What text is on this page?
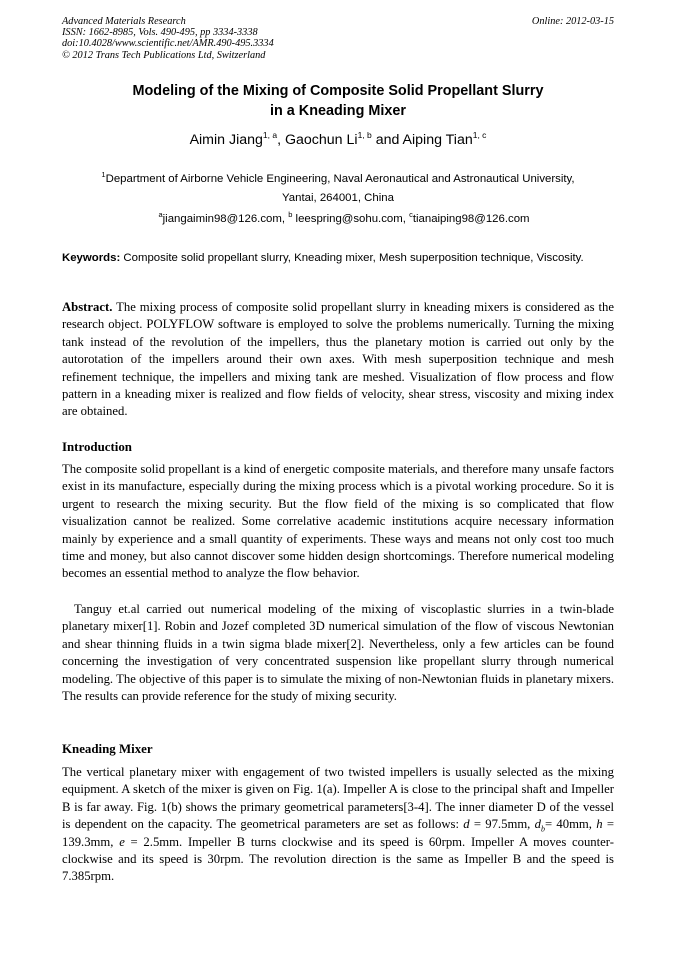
Advanced Materials Research
ISSN: 1662-8985, Vols. 490-495, pp 3334-3338
doi:10.4028/www.scientific.net/AMR.490-495.3334
© 2012 Trans Tech Publications Ltd, Switzerland
Online: 2012-03-15
Modeling of the Mixing of Composite Solid Propellant Slurry
in a Kneading Mixer
Aimin Jiang$^{1, a}$, Gaochun Li$^{1, b}$ and Aiping Tian$^{1, c}$
$^1$Department of Airborne Vehicle Engineering, Naval Aeronautical and Astronautical University,
Yantai, 264001, China
$^a$jiangaimin98@126.com, $^b$ leespring@sohu.com, $^c$tianaiping98@126.com

Keywords: Composite solid propellant slurry, Kneading mixer, Mesh superposition technique, Viscosity.

Abstract. The mixing process of composite solid propellant slurry in kneading mixers is considered as the research object. POLYFLOW software is employed to solve the problems numerically. Turning the mixing tank instead of the revolution of the impellers, thus the planetary motion is carried out only by the autorotation of the impellers around their own axes. With mesh superposition technique and mesh refinement technique, the impellers and mixing tank are meshed. Visualization of flow process and flow pattern in a kneading mixer is realized and flow fields of velocity, shear stress, viscosity and mixing index are obtained.

Introduction

The composite solid propellant is a kind of energetic composite materials, and therefore many unsafe factors exist in its manufacture, especially during the mixing process which is a pivotal working procedure. So it is urgent to research the mixing security. But the flow field of the mixing is so complicated that flow visualization cannot be realized. Some correlative academic institutions acquire necessary information mainly by experience and a small quantity of experiments. These ways and means not only cost too much time and money, but also cannot discover some hidden design shortcomings. Therefore numerical modeling becomes an essential method to analyze the flow behavior.

Tanguy et.al carried out numerical modeling of the mixing of viscoplastic slurries in a twin-blade planetary mixer[1]. Robin and Jozef completed 3D numerical simulation of the flow of viscous Newtonian and shear thinning fluids in a twin sigma blade mixer[2]. Nevertheless, only a few articles can be found concerning the investigation of very concentrated suspension like propellant slurry through numerical modeling. The objective of this paper is to simulate the mixing of non-Newtonian fluids in planetary mixers. The results can provide reference for the study of mixing security.

Kneading Mixer

The vertical planetary mixer with engagement of two twisted impellers is usually selected as the mixing equipment. A sketch of the mixer is given on Fig. 1(a). Impeller A is close to the principal shaft and Impeller B is far away. Fig. 1(b) shows the primary geometrical parameters[3-4]. The inner diameter D of the vessel is dependent on the capacity. The geometrical parameters are set as follows: d = 97.5mm, $d_b= 40mm$, h = 139.3mm, e = 2.5mm. Impeller B turns clockwise and its speed is 60rpm. Impeller A moves counter-clockwise and its speed is 30rpm. The revolution direction is the same as Impeller B and the speed is 7.385rpm.
